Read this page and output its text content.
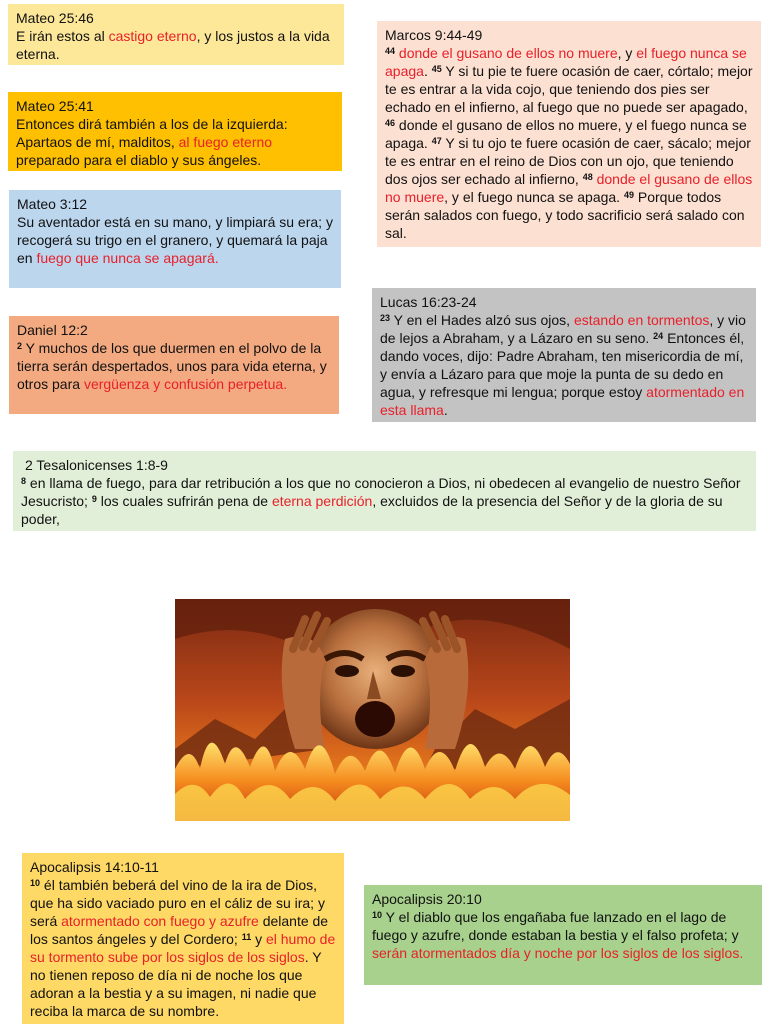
Mateo 25:46
E irán estos al castigo eterno, y los justos a la vida eterna.
Mateo 25:41
Entonces dirá también a los de la izquierda: Apartaos de mí, malditos, al fuego eterno preparado para el diablo y sus ángeles.
Mateo 3:12
Su aventador está en su mano, y limpiará su era; y recogerá su trigo en el granero, y quemará la paja en fuego que nunca se apagará.
Daniel 12:2
$^2$ Y muchos de los que duermen en el polvo de la tierra serán despertados, unos para vida eterna, y otros para vergüenza y confusión perpetua.
Marcos 9:44-49
$^{44}$ donde el gusano de ellos no muere, y el fuego nunca se apaga. $^{45}$ Y si tu pie te fuere ocasión de caer, córtalo; mejor te es entrar a la vida cojo, que teniendo dos pies ser echado en el infierno, al fuego que no puede ser apagado, $^{46}$ donde el gusano de ellos no muere, y el fuego nunca se apaga. $^{47}$ Y si tu ojo te fuere ocasión de caer, sácalo; mejor te es entrar en el reino de Dios con un ojo, que teniendo dos ojos ser echado al infierno, $^{48}$ donde el gusano de ellos no muere, y el fuego nunca se apaga. $^{49}$ Porque todos serán salados con fuego, y todo sacrificio será salado con sal.
Lucas 16:23-24
$^{23}$ Y en el Hades alzó sus ojos, estando en tormentos, y vio de lejos a Abraham, y a Lázaro en su seno. $^{24}$ Entonces él, dando voces, dijo: Padre Abraham, ten misericordia de mí, y envía a Lázaro para que moje la punta de su dedo en agua, y refresque mi lengua; porque estoy atormentado en esta llama.
2 Tesalonicenses 1:8-9
$^8$ en llama de fuego, para dar retribución a los que no conocieron a Dios, ni obedecen al evangelio de nuestro Señor Jesucristo; $^9$ los cuales sufrirán pena de eterna perdición, excluidos de la presencia del Señor y de la gloria de su poder,
Apocalipsis 14:10-11
$^{10}$ él también beberá del vino de la ira de Dios, que ha sido vaciado puro en el cáliz de su ira; y será atormentado con fuego y azufre delante de los santos ángeles y del Cordero; $^{11}$ y el humo de su tormento sube por los siglos de los siglos. Y no tienen reposo de día ni de noche los que adoran a la bestia y a su imagen, ni nadie que reciba la marca de su nombre.
Apocalipsis 20:10
$^{10}$ Y el diablo que los engañaba fue lanzado en el lago de fuego y azufre, donde estaban la bestia y el falso profeta; y serán atormentados día y noche por los siglos de los siglos.
